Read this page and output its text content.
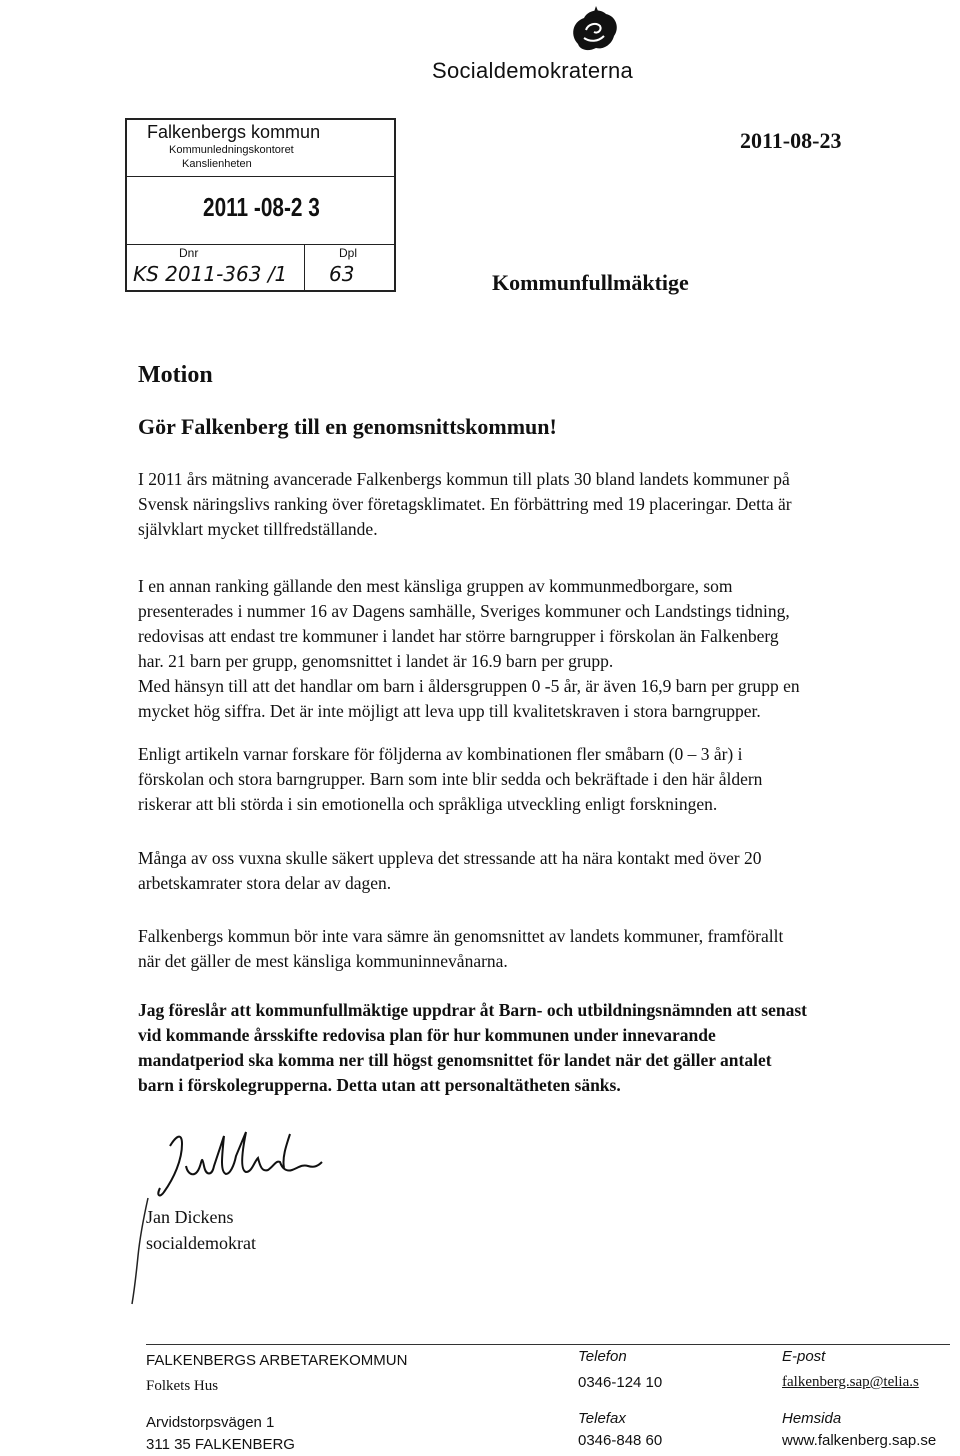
Socialdemokraterna
Falkenbergs kommun
Kommunledningskontoret
Kanslienheten
2011 -08-2 3
Dnr	Dpl
KS 2011-363 /1 63
2011-08-23
Kommunfullmäktige
Motion
Gör Falkenberg till en genomsnittskommun!

I 2011 års mätning avancerade Falkenbergs kommun till plats 30 bland landets kommuner på

Svensk näringslivs ranking över företagsklimatet. En förbättring med 19 placeringar. Detta är

självklart mycket tillfredställande.

I en annan ranking gällande den mest känsliga gruppen av kommunmedborgare, som

presenterades i nummer 16 av Dagens samhälle, Sveriges kommuner och Landstings tidning,

redovisas att endast tre kommuner i landet har större barngrupper i förskolan än Falkenberg

har. 21 barn per grupp, genomsnittet i landet är 16.9 barn per grupp.

Med hänsyn till att det handlar om barn i åldersgruppen 0 -5 år, är även 16,9 barn per grupp en

mycket hög siffra. Det är inte möjligt att leva upp till kvalitetskraven i stora barngrupper.

Enligt artikeln varnar forskare för följderna av kombinationen fler småbarn (0 – 3 år) i

förskolan och stora barngrupper. Barn som inte blir sedda och bekräftade i den här åldern

riskerar att bli störda i sin emotionella och språkliga utveckling enligt forskningen.

Många av oss vuxna skulle säkert uppleva det stressande att ha nära kontakt med över 20

arbetskamrater stora delar av dagen.

Falkenbergs kommun bör inte vara sämre än genomsnittet av landets kommuner, framförallt

när det gäller de mest känsliga kommuninnevånarna.

Jag föreslår att kommunfullmäktige uppdrar åt Barn- och utbildningsnämnden att senast

vid kommande årsskifte redovisa plan för hur kommunen under innevarande

mandatperiod ska komma ner till högst genomsnittet för landet när det gäller antalet

barn i förskolegrupperna. Detta utan att personaltätheten sänks.

Jan Dickens
socialdemokrat
FALKENBERGS ARBETAREKOMMUN
Folkets Hus
Arvidstorpsvägen 1
311 35 FALKENBERG
Telefon
0346-124 10
Telefax
0346-848 60
E-post
falkenberg.sap@telia.s
Hemsida
www.falkenberg.sap.se
